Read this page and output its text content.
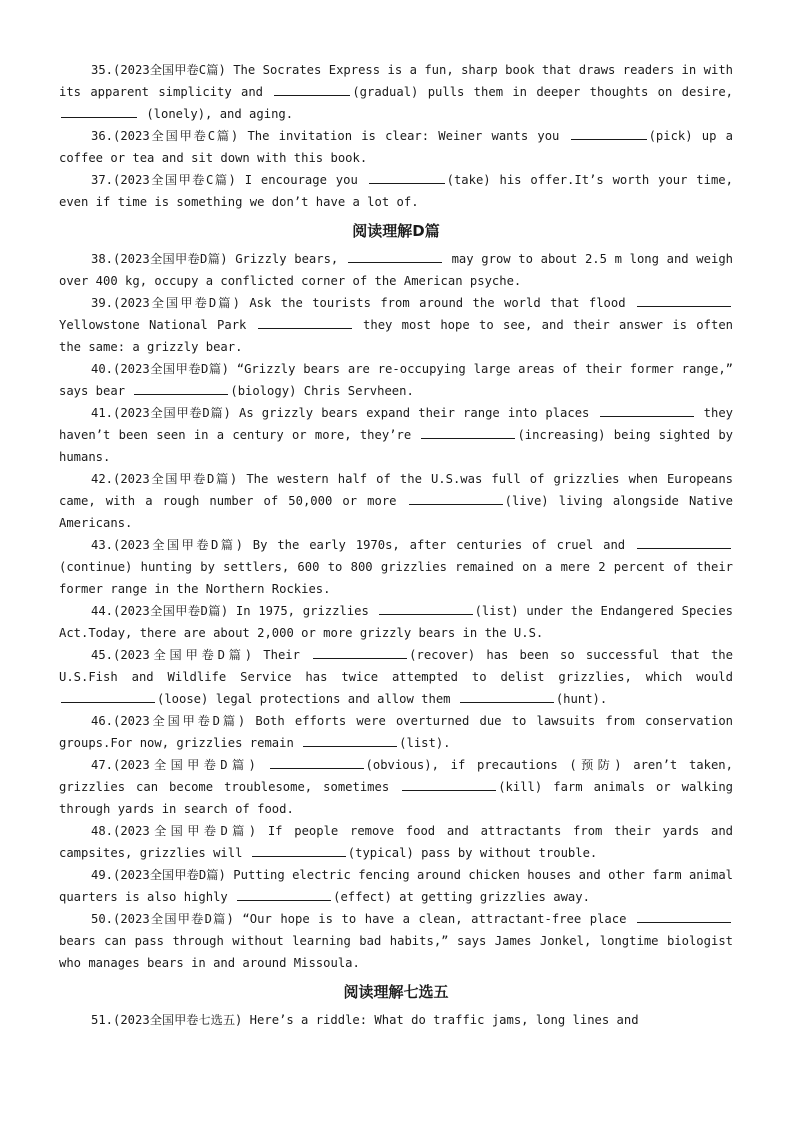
35.(2023全国甲卷C篇) The Socrates Express is a fun, sharp book that draws readers in with its apparent simplicity and	(gradual) pulls them in deeper thoughts on desire,  (lonely), and aging.

36.(2023全国甲卷C篇) The invitation is clear: Weiner wants you	(pick) up a coffee or tea and sit down with this book.

37.(2023全国甲卷C篇) I encourage you	(take) his offer.It’s worth your time, even if time is something we don’t have a lot of.

阅读理解D篇

38.(2023全国甲卷D篇) Grizzly bears,	may grow to about 2.5 m long and weigh over 400 kg, occupy a conflicted corner of the American psyche.

39.(2023全国甲卷D篇) Ask the tourists from around the world that flood  Yellowstone National Park	they most hope to see, and their answer is often the same: a grizzly bear.

40.(2023全国甲卷D篇) “Grizzly bears are re-occupying large areas of their former range,” says bear	(biology) Chris Servheen.

41.(2023全国甲卷D篇) As grizzly bears expand their range into places	they haven’t been seen in a century or more, they’re	(increasing) being sighted by humans.

42.(2023全国甲卷D篇) The western half of the U.S.was full of grizzlies when Europeans came, with a rough number of 50,000 or more	(live) living alongside Native Americans.

43.(2023全国甲卷D篇) By the early 1970s, after centuries of cruel and (continue) hunting by settlers, 600 to 800 grizzlies remained on a mere 2 percent of their former range in the Northern Rockies.

44.(2023全国甲卷D篇) In 1975, grizzlies	(list) under the Endangered Species Act.Today, there are about 2,000 or more grizzly bears in the U.S.

45.(2023全国甲卷D篇) Their	(recover) has been so successful that the U.S.Fish and Wildlife Service has twice attempted to delist grizzlies, which would (loose) legal protections and allow them	(hunt).

46.(2023全国甲卷D篇) Both efforts were overturned due to lawsuits from conservation groups.For now, grizzlies remain	(list).

47.(2023全国甲卷D篇)	(obvious), if precautions (预防) aren’t taken, grizzlies can become troublesome, sometimes	(kill) farm animals or walking through yards in search of food.

48.(2023全国甲卷D篇) If people remove food and attractants from their yards and campsites, grizzlies will	(typical) pass by without trouble.

49.(2023全国甲卷D篇) Putting electric fencing around chicken houses and other farm animal quarters is also highly	(effect) at getting grizzlies away.

50.(2023全国甲卷D篇) “Our hope is to have a clean, attractant-free place  bears can pass through without learning bad habits,” says James Jonkel, longtime biologist who manages bears in and around Missoula.

阅读理解七选五

51.(2023全国甲卷七选五) Here’s a riddle: What do traffic jams, long lines and
